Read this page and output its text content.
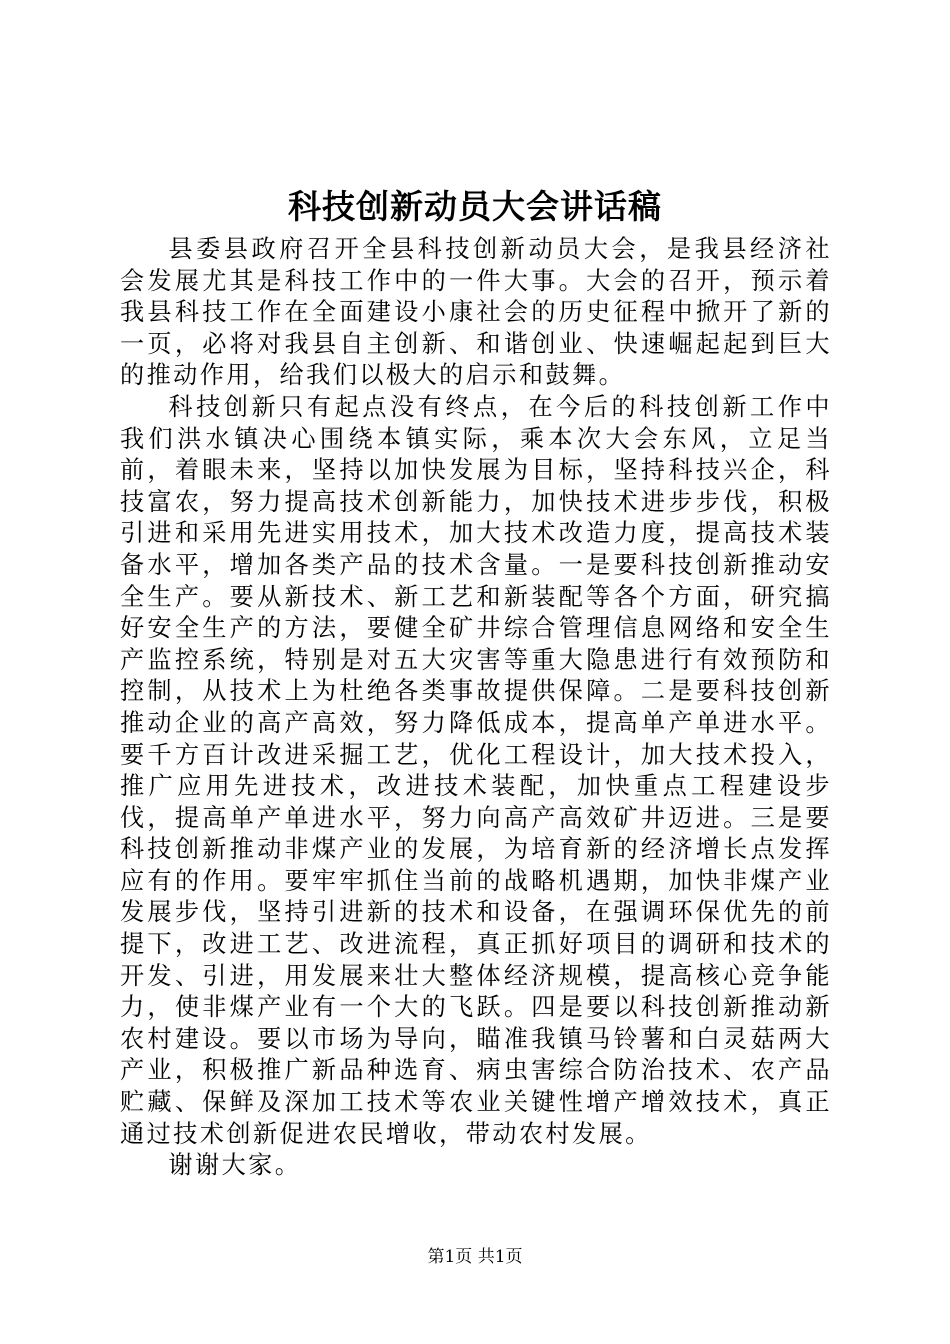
科技创新动员大会讲话稿

县委县政府召开全县科技创新动员大会，是我县经济社会发展尤其是科技工作中的一件大事。大会的召开，预示着我县科技工作在全面建设小康社会的历史征程中掀开了新的一页，必将对我县自主创新、和谐创业、快速崛起起到巨大的推动作用，给我们以极大的启示和鼓舞。

科技创新只有起点没有终点，在今后的科技创新工作中我们洪水镇决心围绕本镇实际，乘本次大会东风，立足当前，着眼未来，坚持以加快发展为目标，坚持科技兴企，科技富农，努力提高技术创新能力，加快技术进步步伐，积极引进和采用先进实用技术，加大技术改造力度，提高技术装备水平，增加各类产品的技术含量。一是要科技创新推动安全生产。要从新技术、新工艺和新装配等各个方面，研究搞好安全生产的方法，要健全矿井综合管理信息网络和安全生产监控系统，特别是对五大灾害等重大隐患进行有效预防和控制，从技术上为杜绝各类事故提供保障。二是要科技创新推动企业的高产高效，努力降低成本，提高单产单进水平。要千方百计改进采掘工艺，优化工程设计，加大技术投入，推广应用先进技术，改进技术装配，加快重点工程建设步伐，提高单产单进水平，努力向高产高效矿井迈进。三是要科技创新推动非煤产业的发展，为培育新的经济增长点发挥应有的作用。要牢牢抓住当前的战略机遇期，加快非煤产业发展步伐，坚持引进新的技术和设备，在强调环保优先的前提下，改进工艺、改进流程，真正抓好项目的调研和技术的开发、引进，用发展来壮大整体经济规模，提高核心竞争能力，使非煤产业有一个大的飞跃。四是要以科技创新推动新农村建设。要以市场为导向，瞄准我镇马铃薯和白灵菇两大产业，积极推广新品种选育、病虫害综合防治技术、农产品贮藏、保鲜及深加工技术等农业关键性增产增效技术，真正通过技术创新促进农民增收，带动农村发展。

谢谢大家。

第1页 共1页
